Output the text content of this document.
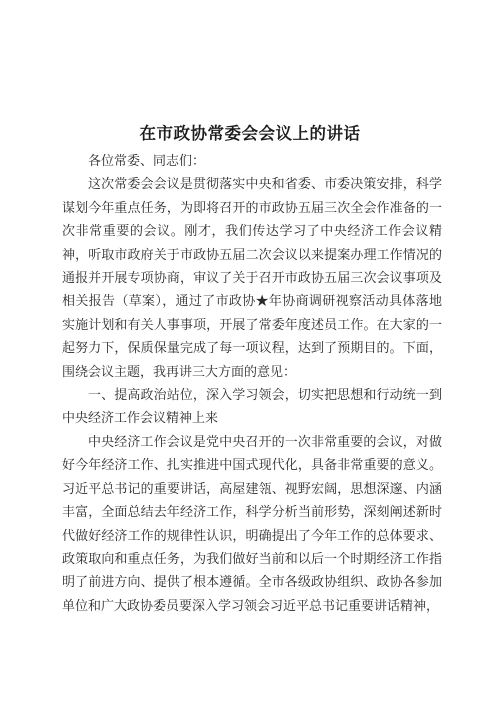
在市政协常委会会议上的讲话

各位常委、同志们：

这次常委会会议是贯彻落实中央和省委、市委决策安排，科学谋划今年重点任务，为即将召开的市政协五届三次全会作准备的一次非常重要的会议。刚才，我们传达学习了中央经济工作会议精神，听取市政府关于市政协五届二次会议以来提案办理工作情况的通报并开展专项协商，审议了关于召开市政协五届三次会议事项及相关报告（草案），通过了市政协★年协商调研视察活动具体落地实施计划和有关人事事项，开展了常委年度述员工作。在大家的一起努力下，保质保量完成了每一项议程，达到了预期目的。下面，围绕会议主题，我再讲三大方面的意见：

一、提高政治站位，深入学习领会，切实把思想和行动统一到中央经济工作会议精神上来

中央经济工作会议是党中央召开的一次非常重要的会议，对做好今年经济工作、扎实推进中国式现代化，具备非常重要的意义。习近平总书记的重要讲话，高屋建瓴、视野宏阔，思想深邃、内涵丰富，全面总结去年经济工作，科学分析当前形势，深刻阐述新时代做好经济工作的规律性认识，明确提出了今年工作的总体要求、政策取向和重点任务，为我们做好当前和以后一个时期经济工作指明了前进方向、提供了根本遵循。全市各级政协组织、政协各参加单位和广大政协委员要深入学习领会习近平总书记重要讲话精神，
